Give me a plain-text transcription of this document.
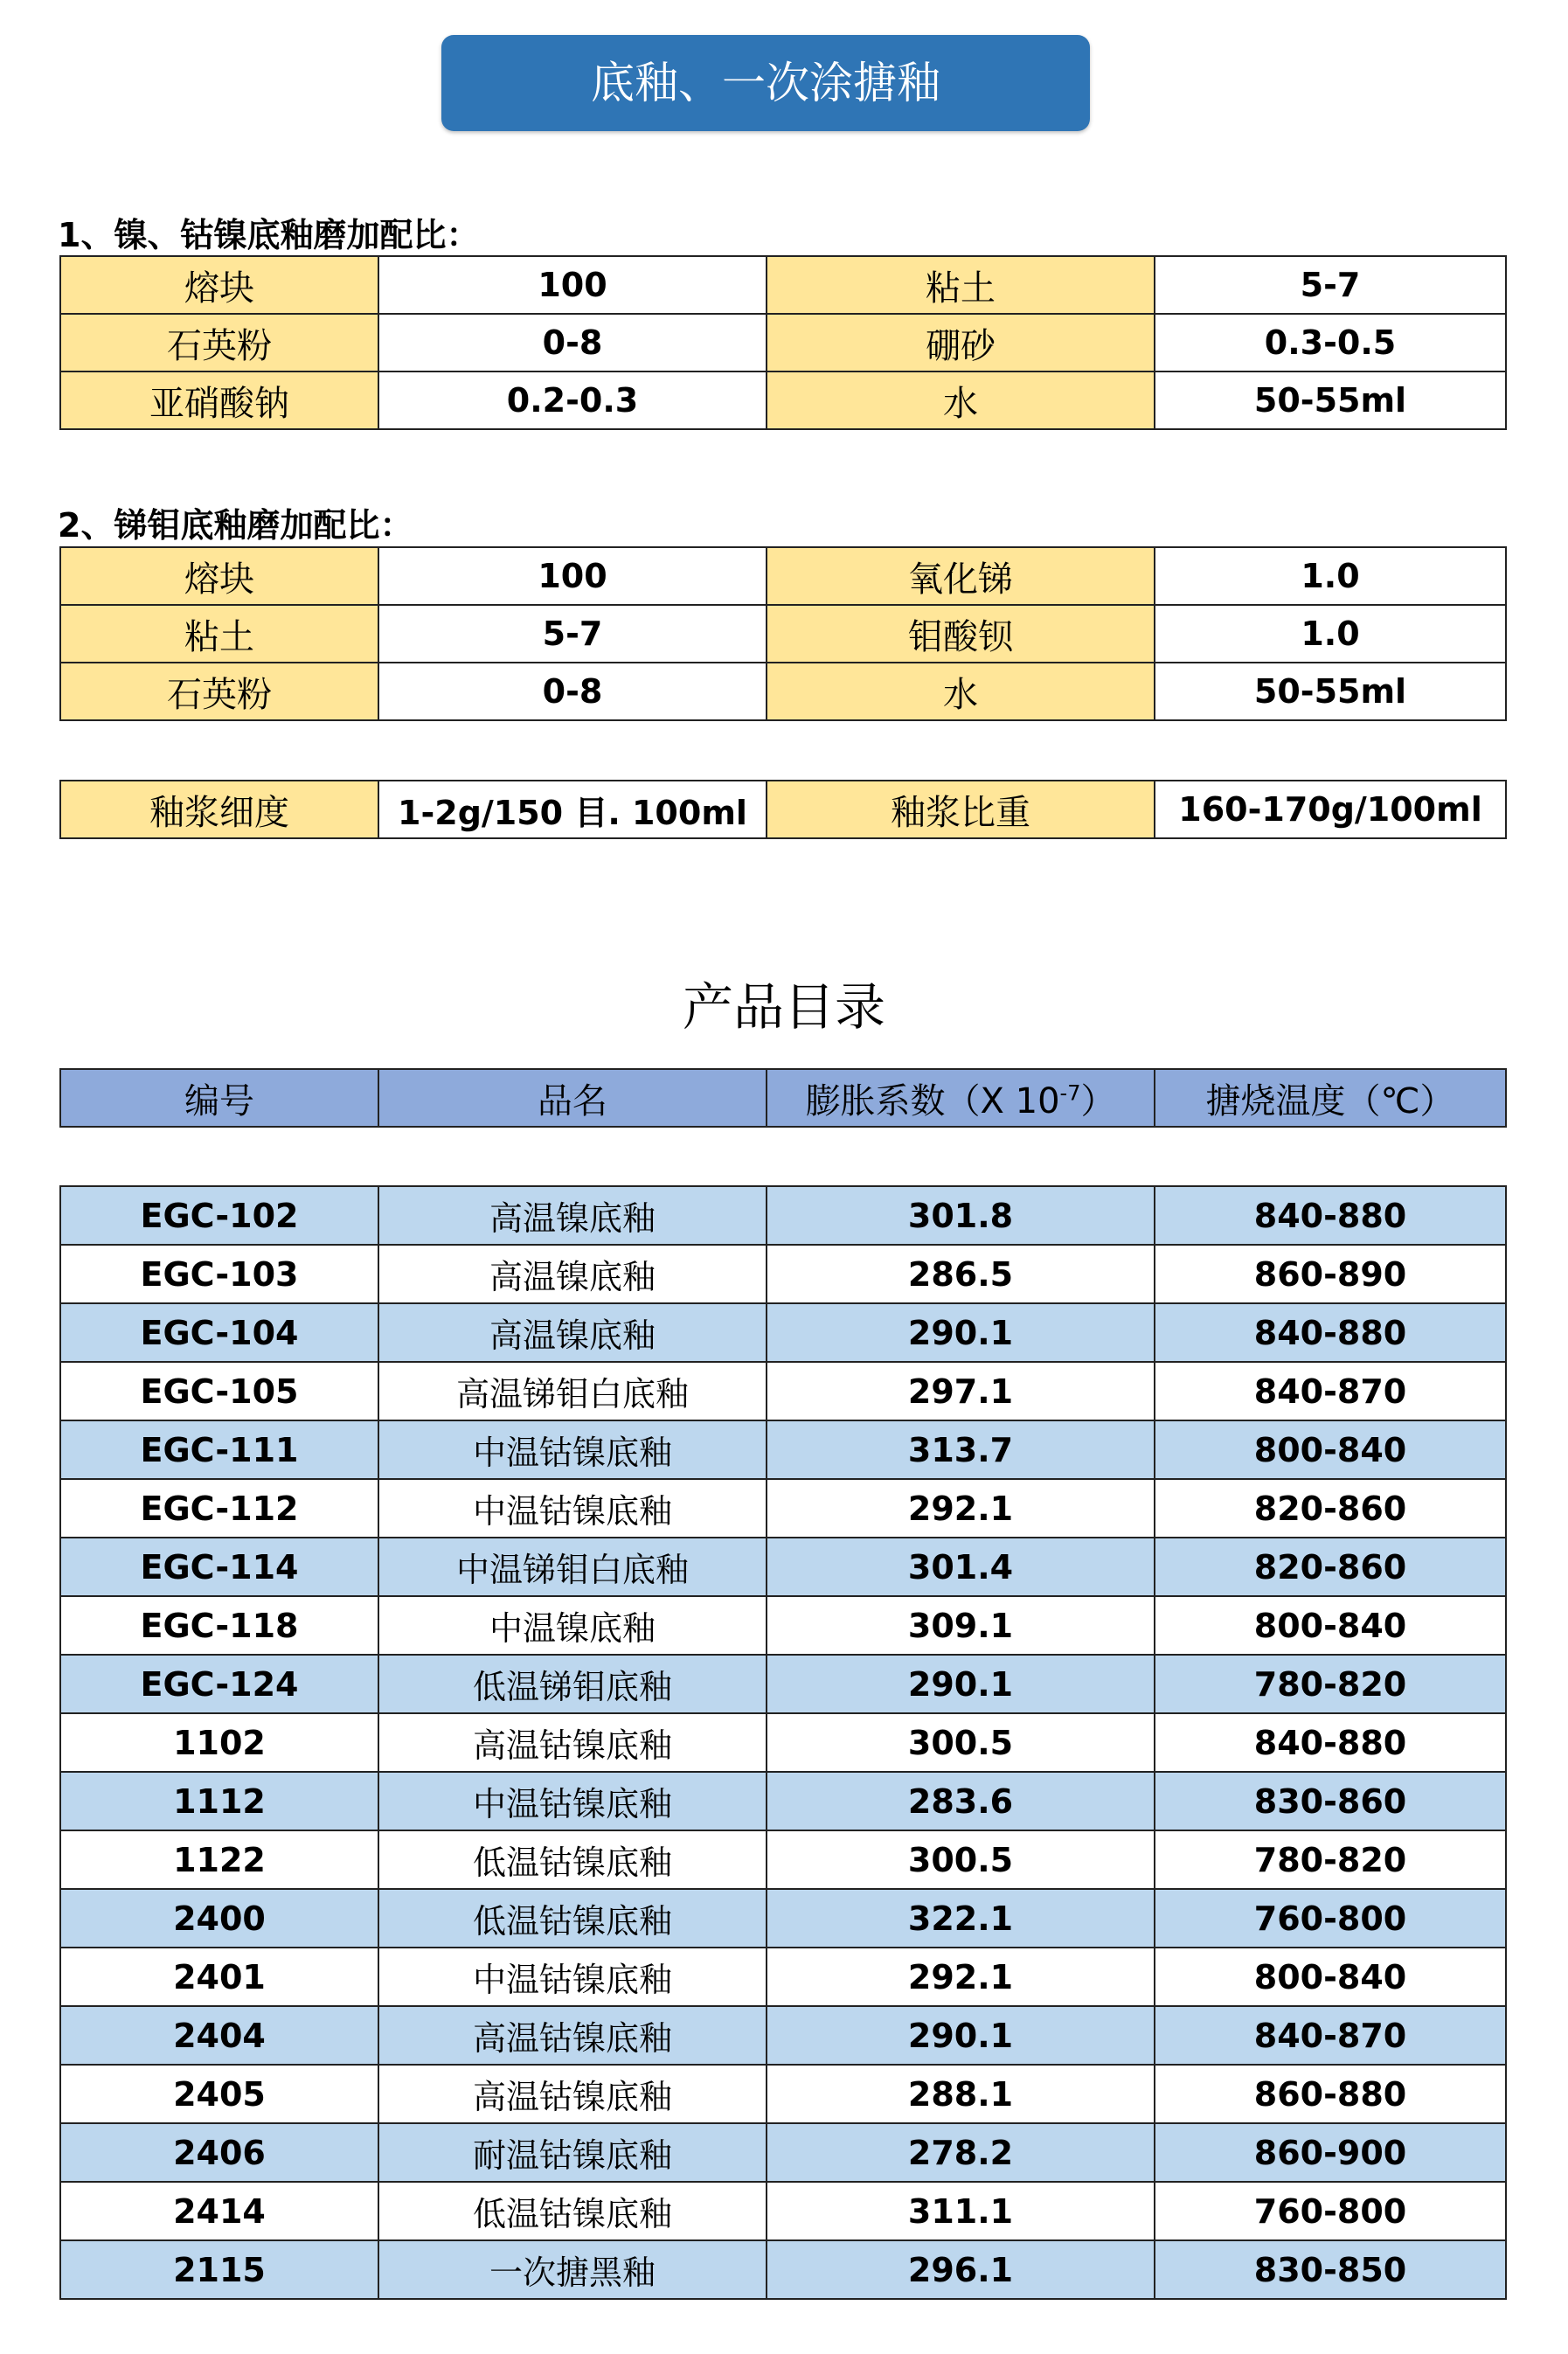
底釉、一次涂搪釉
1、镍、钴镍底釉磨加配比：
熔块	100	粘土	5-7
石英粉	0-8	硼砂	0.3-0.5
亚硝酸钠	0.2-0.3	水	50-55ml
2、锑钼底釉磨加配比：
熔块	100	氧化锑	1.0
粘土	5-7	钼酸钡	1.0
石英粉	0-8	水	50-55ml
釉浆细度	1-2g/150 目. 100ml	釉浆比重	160-170g/100ml
产品目录
编号	品名	膨胀系数（X $10^{-7}$）	搪烧温度（℃）
EGC-102	高温镍底釉	301.8	840-880
EGC-103	高温镍底釉	286.5	860-890
EGC-104	高温镍底釉	290.1	840-880
EGC-105	高温锑钼白底釉	297.1	840-870
EGC-111	中温钴镍底釉	313.7	800-840
EGC-112	中温钴镍底釉	292.1	820-860
EGC-114	中温锑钼白底釉	301.4	820-860
EGC-118	中温镍底釉	309.1	800-840
EGC-124	低温锑钼底釉	290.1	780-820
1102	高温钴镍底釉	300.5	840-880
1112	中温钴镍底釉	283.6	830-860
1122	低温钴镍底釉	300.5	780-820
2400	低温钴镍底釉	322.1	760-800
2401	中温钴镍底釉	292.1	800-840
2404	高温钴镍底釉	290.1	840-870
2405	高温钴镍底釉	288.1	860-880
2406	耐温钴镍底釉	278.2	860-900
2414	低温钴镍底釉	311.1	760-800
2115	一次搪黑釉	296.1	830-850
